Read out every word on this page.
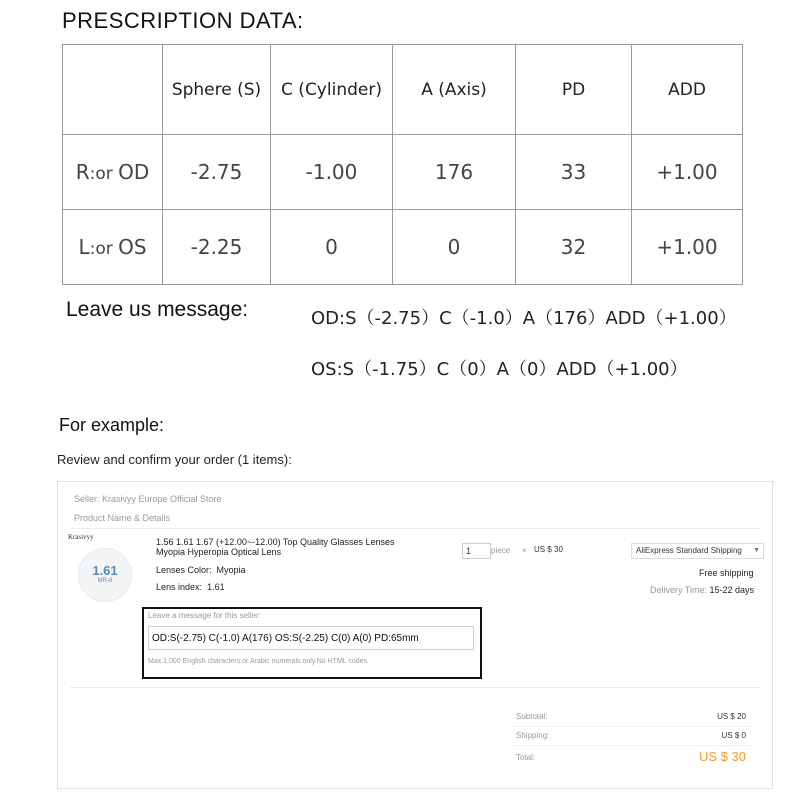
PRESCRIPTION DATA:
	Sphere (S)	C (Cylinder)	A (Axis)	PD	ADD
R:or OD	-2.75	-1.00	176	33	+1.00
L:or OS	-2.25	0	0	32	+1.00
Leave us message:	OD:S（-2.75）C（-1.0）A（176）ADD（+1.00）
OS:S（-1.75）C（0）A（0）ADD（+1.00）
For example:
Review and confirm your order (1 items):
Seller: Krasivyy Europe Official Store
Product Name & Details
Krasivyy
1.61
MR-8
1.56 1.61 1.67 (+12.00~-12.00) Top Quality Glasses Lenses Myopia Hyperopia Optical Lens
Lenses Color: Myopia
Lens index: 1.61
1	piece × US $ 30	AliExpress Standard Shipping ▼
Free shipping
Delivery Time: 15-22 days
Leave a message for this seller:
OD:S(-2.75) C(-1.0) A(176) OS:S(-2.25) C(0) A(0) PD:65mm
Max.1,000 English characters or Arabic numerals only.No HTML codes.
Subtotal:	US $ 20
Shipping:	US $ 0
Total:	US $ 30
